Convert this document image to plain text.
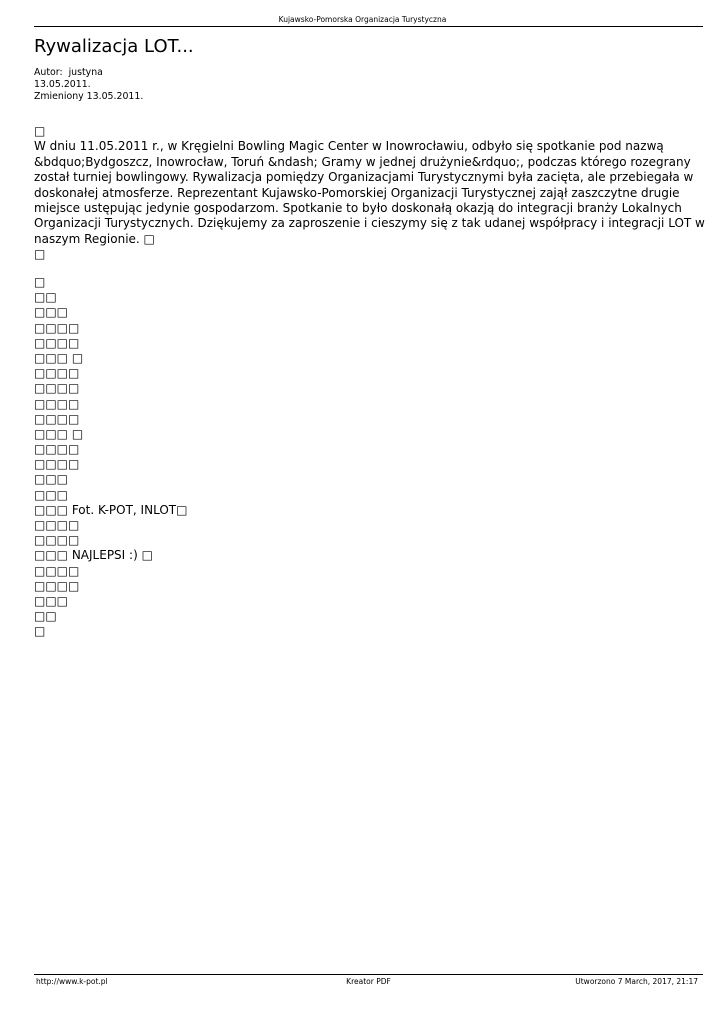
Kujawsko-Pomorska Organizacja Turystyczna
Rywalizacja LOT...
Autor:  justyna
13.05.2011.
Zmieniony 13.05.2011.

□

W dniu 11.05.2011 r., w Kręgielni Bowling Magic Center w Inowrocławiu, odbyło się spotkanie pod nazwą &bdquo;Bydgoszcz, Inowrocław, Toruń &ndash; Gramy w jednej drużynie&rdquo;, podczas którego rozegrany został turniej bowlingowy. Rywalizacja pomiędzy Organizacjami Turystycznymi była zacięta, ale przebiegała w doskonałej atmosferze. Reprezentant Kujawsko-Pomorskiej Organizacji Turystycznej zajął zaszczytne drugie miejsce ustępując jedynie gospodarzom. Spotkanie to było doskonałą okazją do integracji branży Lokalnych Organizacji Turystycznych. Dziękujemy za zaproszenie i cieszymy się z tak udanej współpracy i integracji LOT w naszym Regionie. □

□

□
□□
□□□
□□□□
□□□□
□□□ □
□□□□
□□□□
□□□□
□□□□
□□□ □
□□□□
□□□□
□□□
□□□
□□□ Fot. K-POT, INLOT□
□□□□
□□□□
□□□ NAJLEPSI :) □
□□□□
□□□□
□□□
□□
□
http://www.k-pot.pl	Kreator PDF	Utworzono 7 March, 2017, 21:17
